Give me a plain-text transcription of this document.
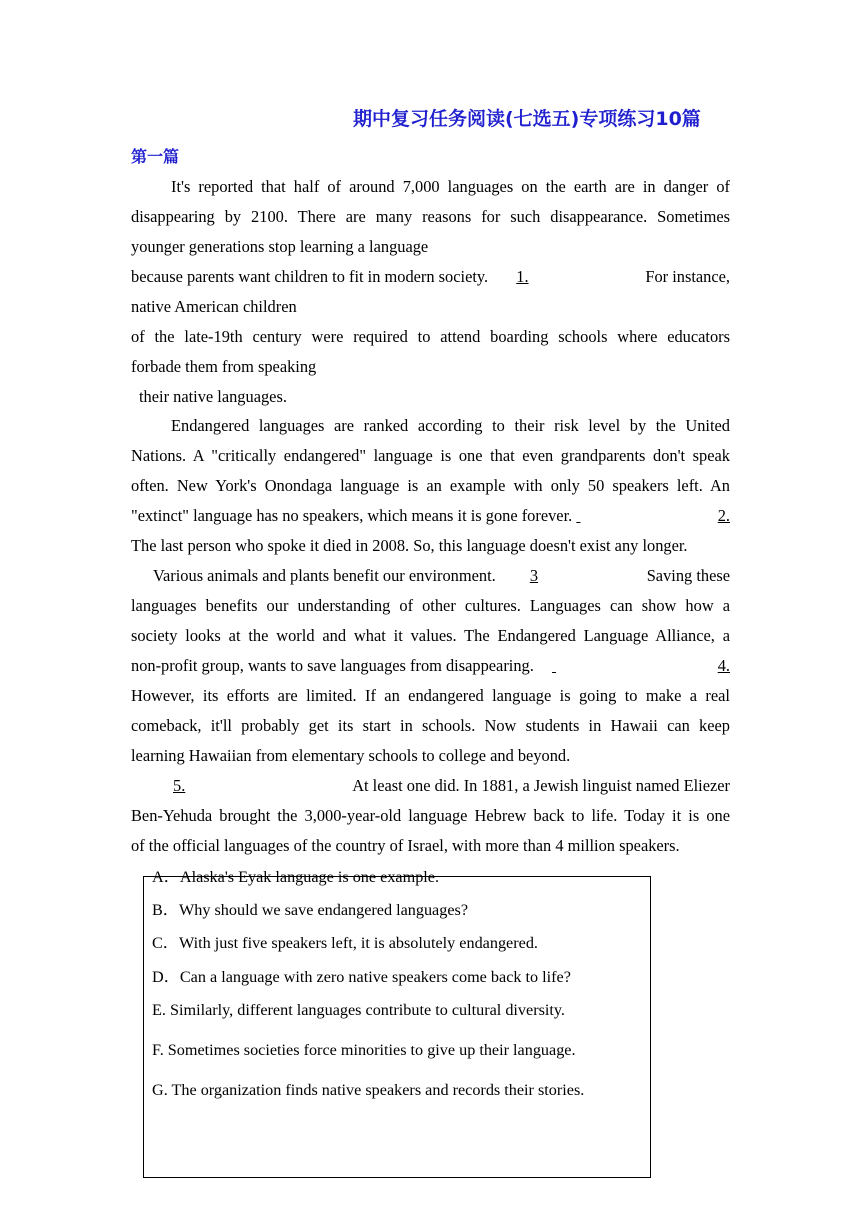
期中复习任务阅读(七选五)专项练习10篇
第一篇
It's reported that half of around 7,000 languages on the earth are in danger of
disappearing by 2100. There are many reasons for such disappearance. Sometimes
younger generations stop learning a language
because parents want children to fit in modern society. 1.	For instance,
native American children
of the late-19th century were required to attend boarding schools where educators
forbade them from speaking
their native languages.
Endangered languages are ranked according to their risk level by the United
Nations. A "critically endangered" language is one that even grandparents don't speak
often. New York's Onondaga language is an example with only 50 speakers left. An
"extinct" language has no speakers, which means it is gone forever.	2.
The last person who spoke it died in 2008. So, this language doesn't exist any longer.
Various animals and plants benefit our environment. 3	Saving these
languages benefits our understanding of other cultures. Languages can show how a
society looks at the world and what it values. The Endangered Language Alliance, a
non-profit group, wants to save languages from disappearing.	4.
However, its efforts are limited. If an endangered language is going to make a real
comeback, it'll probably get its start in schools. Now students in Hawaii can keep
learning Hawaiian from elementary schools to college and beyond.
5.	At least one did. In 1881, a Jewish linguist named Eliezer
Ben-Yehuda brought the 3,000-year-old language Hebrew back to life. Today it is one
of the official languages of the country of Israel, with more than 4 million speakers.
A．Alaska's Eyak language is one example.
B．Why should we save endangered languages?
C．With just five speakers left, it is absolutely endangered.
D．Can a language with zero native speakers come back to life?
E. Similarly, different languages contribute to cultural diversity.
F. Sometimes societies force minorities to give up their language.
G. The organization finds native speakers and records their stories.
